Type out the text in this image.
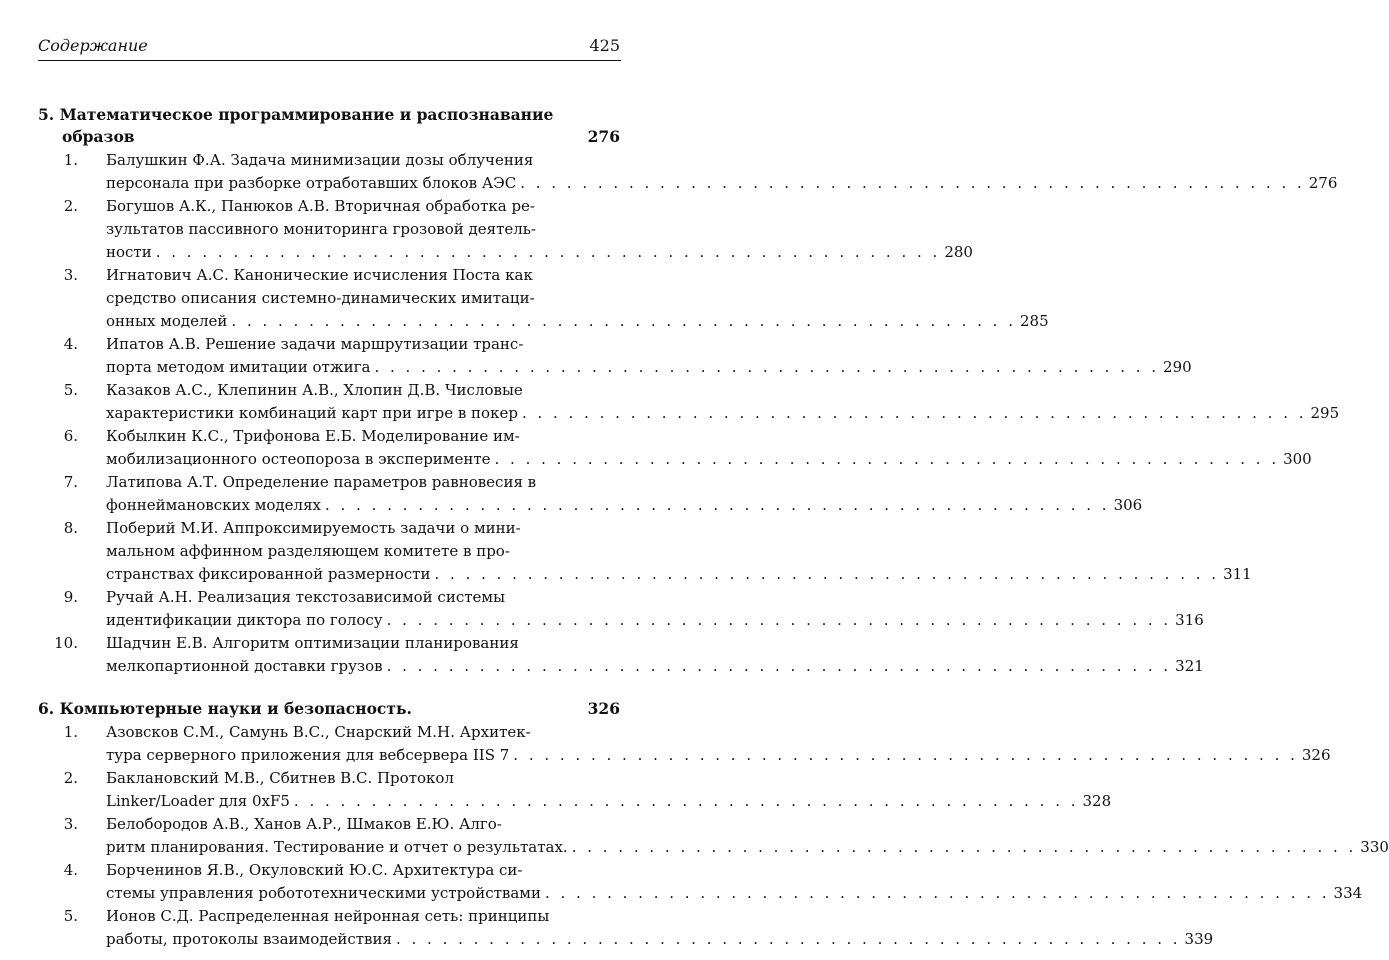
Содержание	425
5. Математическое программирование и распознавание
образов	276
1.	Балушкин Ф.А. Задача минимизации дозы облучения
персонала при разборке отработавших блоков АЭС . . .	276
2.	Богушов А.К., Панюков А.В. Вторичная обработка ре-
зультатов пассивного мониторинга грозовой деятель-
ности . . .	280
3.	Игнатович А.С. Канонические исчисления Поста как
средство описания системно-динамических имитаци-
онных моделей . . .	285
4.	Ипатов А.В. Решение задачи маршрутизации транс-
порта методом имитации отжига . . .	290
5.	Казаков А.С., Клепинин А.В., Хлопин Д.В. Числовые
характеристики комбинаций карт при игре в покер . . .	295
6.	Кобылкин К.С., Трифонова Е.Б. Моделирование им-
мобилизационного остеопороза в эксперименте . . .	300
7.	Латипова А.Т. Определение параметров равновесия в
фоннеймановских моделях . . .	306
8.	Поберий М.И. Аппроксимируемость задачи о мини-
мальном аффинном разделяющем комитете в про-
странствах фиксированной размерности . . .	311
9.	Ручай А.Н. Реализация текстозависимой системы
идентификации диктора по голосу . . .	316
10.	Шадчин Е.В. Алгоритм оптимизации планирования
мелкопартионной доставки грузов . . .	321
6. Компьютерные науки и безопасность.	326
1.	Азовсков С.М., Самунь В.С., Снарский М.Н. Архитек-
тура серверного приложения для вебсервера IIS 7 . . .	326
2.	Баклановский М.В., Сбитнев В.С. Протокол
Linker/Loader для 0xF5 . . .	328
3.	Белобородов А.В., Ханов А.Р., Шмаков Е.Ю. Алго-
ритм планирования. Тестирование и отчет о результатах. . . .	330
4.	Борченинов Я.В., Окуловский Ю.С. Архитектура си-
стемы управления робототехническими устройствами . . .	334
5.	Ионов С.Д. Распределенная нейронная сеть: принципы
работы, протоколы взаимодействия . . .	339
